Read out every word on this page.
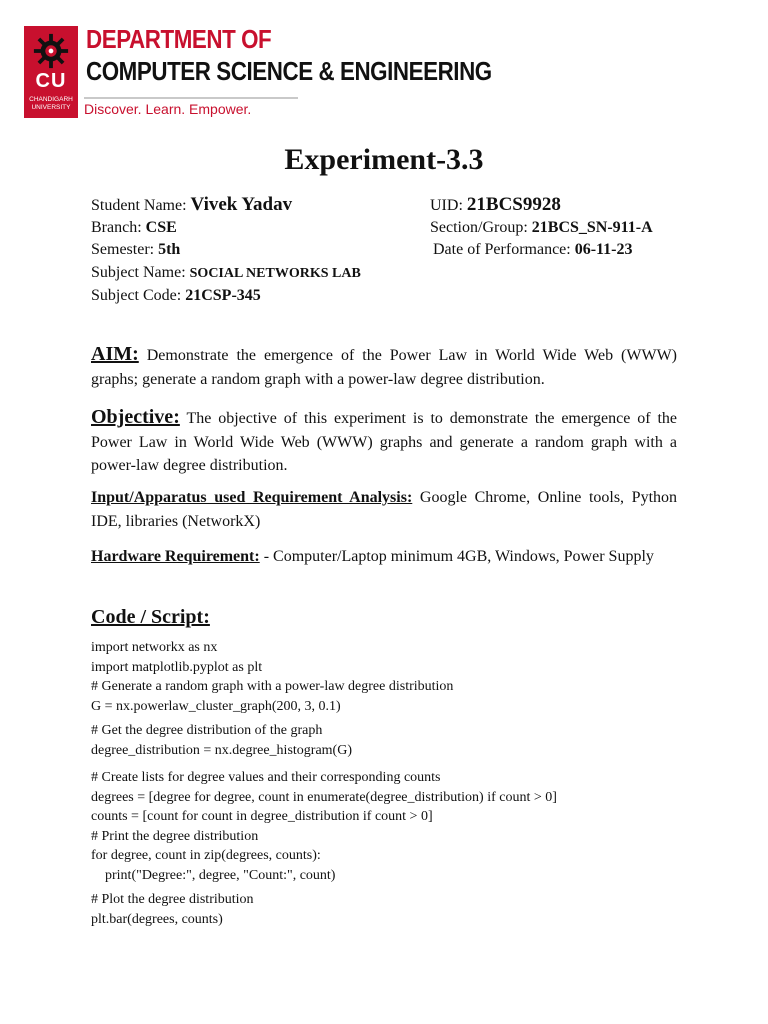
CU
CHANDIGARH UNIVERSITY
DEPARTMENT OF
COMPUTER SCIENCE & ENGINEERING
Discover. Learn. Empower.
Experiment-3.3
Student Name: Vivek Yadav	UID: 21BCS9928
Branch: CSE	Section/Group: 21BCS_SN-911-A
Semester: 5th	Date of Performance: 06-11-23
Subject Name: SOCIAL NETWORKS LAB
Subject Code: 21CSP-345
AIM: Demonstrate the emergence of the Power Law in World Wide Web (WWW) graphs; generate a random graph with a power-law degree distribution.
Objective: The objective of this experiment is to demonstrate the emergence of the Power Law in World Wide Web (WWW) graphs and generate a random graph with a power-law degree distribution.
Input/Apparatus used Requirement Analysis: Google Chrome, Online tools, Python IDE, libraries (NetworkX)
Hardware Requirement: - Computer/Laptop minimum 4GB, Windows, Power Supply
Code / Script:
import networkx as nx
import matplotlib.pyplot as plt
# Generate a random graph with a power-law degree distribution
G = nx.powerlaw_cluster_graph(200, 3, 0.1)
# Get the degree distribution of the graph
degree_distribution = nx.degree_histogram(G)
# Create lists for degree values and their corresponding counts
degrees = [degree for degree, count in enumerate(degree_distribution) if count > 0]
counts = [count for count in degree_distribution if count > 0]
# Print the degree distribution
for degree, count in zip(degrees, counts):
print("Degree:", degree, "Count:", count)
# Plot the degree distribution
plt.bar(degrees, counts)
